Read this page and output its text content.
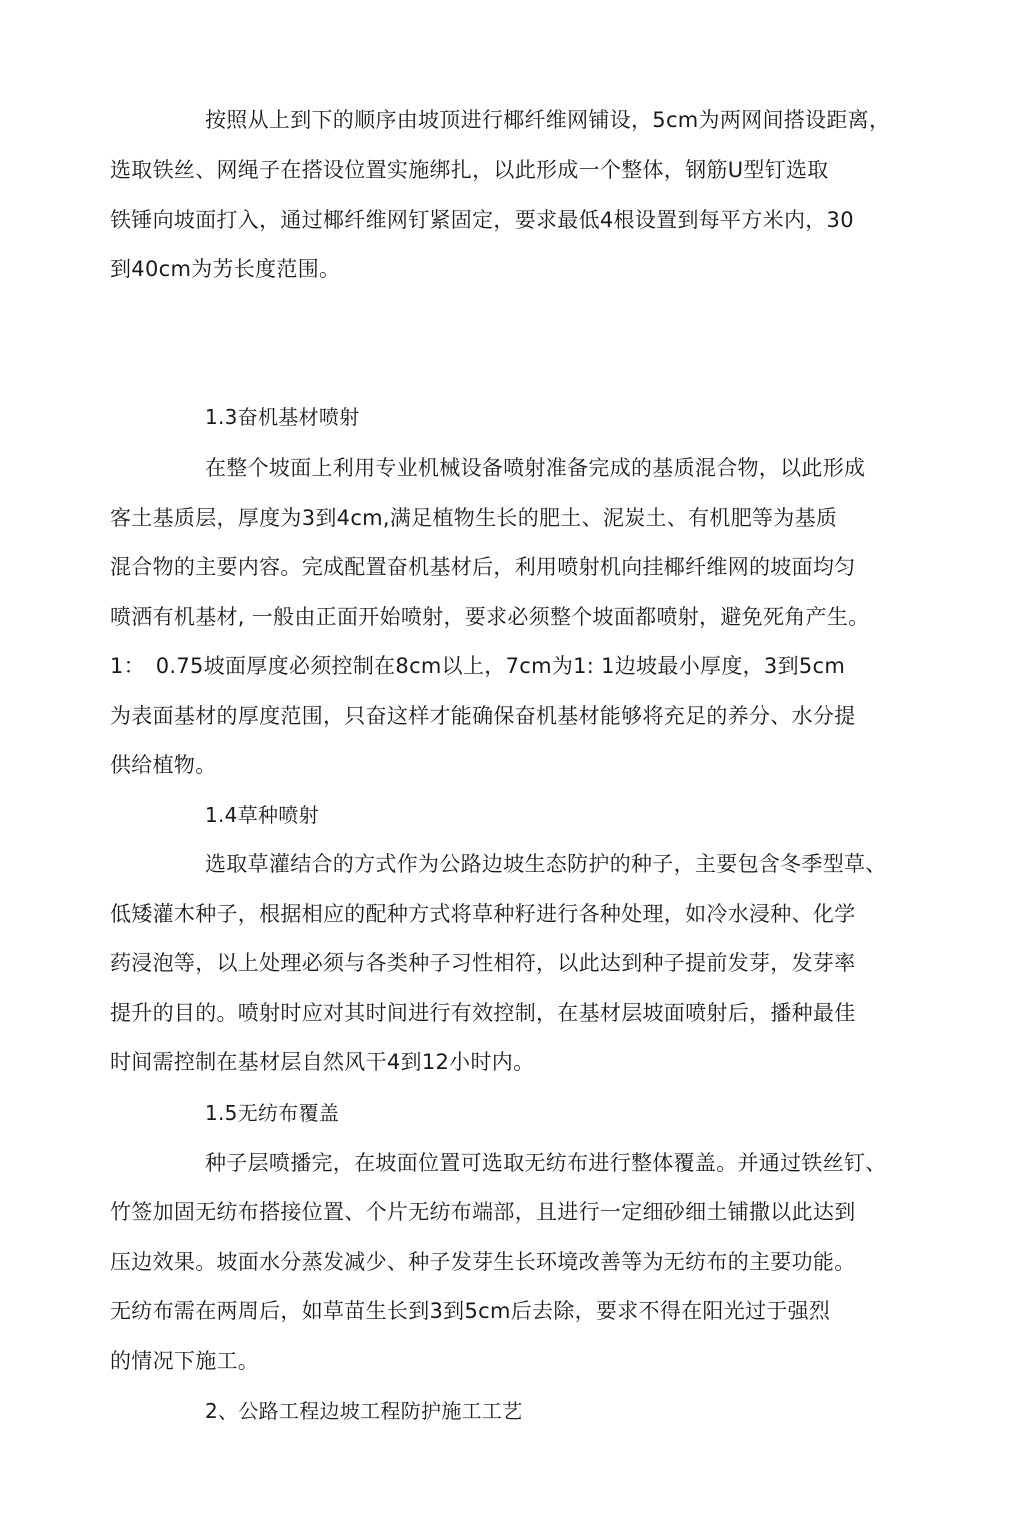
按照从上到下的顺序由坡顶进行椰纤维网铺设，5cm为两网间搭设距离，
选取铁丝、网绳子在搭设位置实施绑扎，以此形成一个整体，钢筋U型钉选取
铁锤向坡面打入，通过椰纤维网钉紧固定，要求最低4根设置到每平方米内，30
到40cm为艻长度范围。
1.3奋机基材喷射
在整个坡面上利用专业机械设备喷射准备完成的基质混合物，以此形成
客土基质层，厚度为3到4cm,满足植物生长的肥土、泥炭土、有机肥等为基质
混合物的主要内容。完成配置奋机基材后，利用喷射机向挂椰纤维网的坡面均匀
喷洒有机基材, 一般由正面开始喷射，要求必须整个坡面都喷射，避免死角产生。
1：　0.75坡面厚度必须控制在8cm以上，7cm为1: 1边坡最小厚度，3到5cm
为表面基材的厚度范围，只奋这样才能确保奋机基材能够将充足的养分、水分提
供给植物。
1.4草种喷射
选取草灌结合的方式作为公路边坡生态防护的种子，主要包含冬季型草、
低矮灌木种子，根据相应的配种方式将草种籽进行各种处理，如冷水浸种、化学
药浸泡等，以上处理必须与各类种子习性相符，以此达到种子提前发芽，发芽率
提升的目的。喷射时应对其时间进行有效控制，在基材层坡面喷射后，播种最佳
时间需控制在基材层自然风干4到12小时内。
1.5无纺布覆盖
种子层喷播完，在坡面位置可选取无纺布进行整体覆盖。并通过铁丝钉、
竹签加固无纺布搭接位置、个片无纺布端部，且进行一定细砂细土铺撒以此达到
压边效果。坡面水分蒸发减少、种子发芽生长环境改善等为无纺布的主要功能。
无纺布需在两周后，如草苗生长到3到5cm后去除，要求不得在阳光过于强烈
的情况下施工。
2、公路工程边坡工程防护施工工艺
